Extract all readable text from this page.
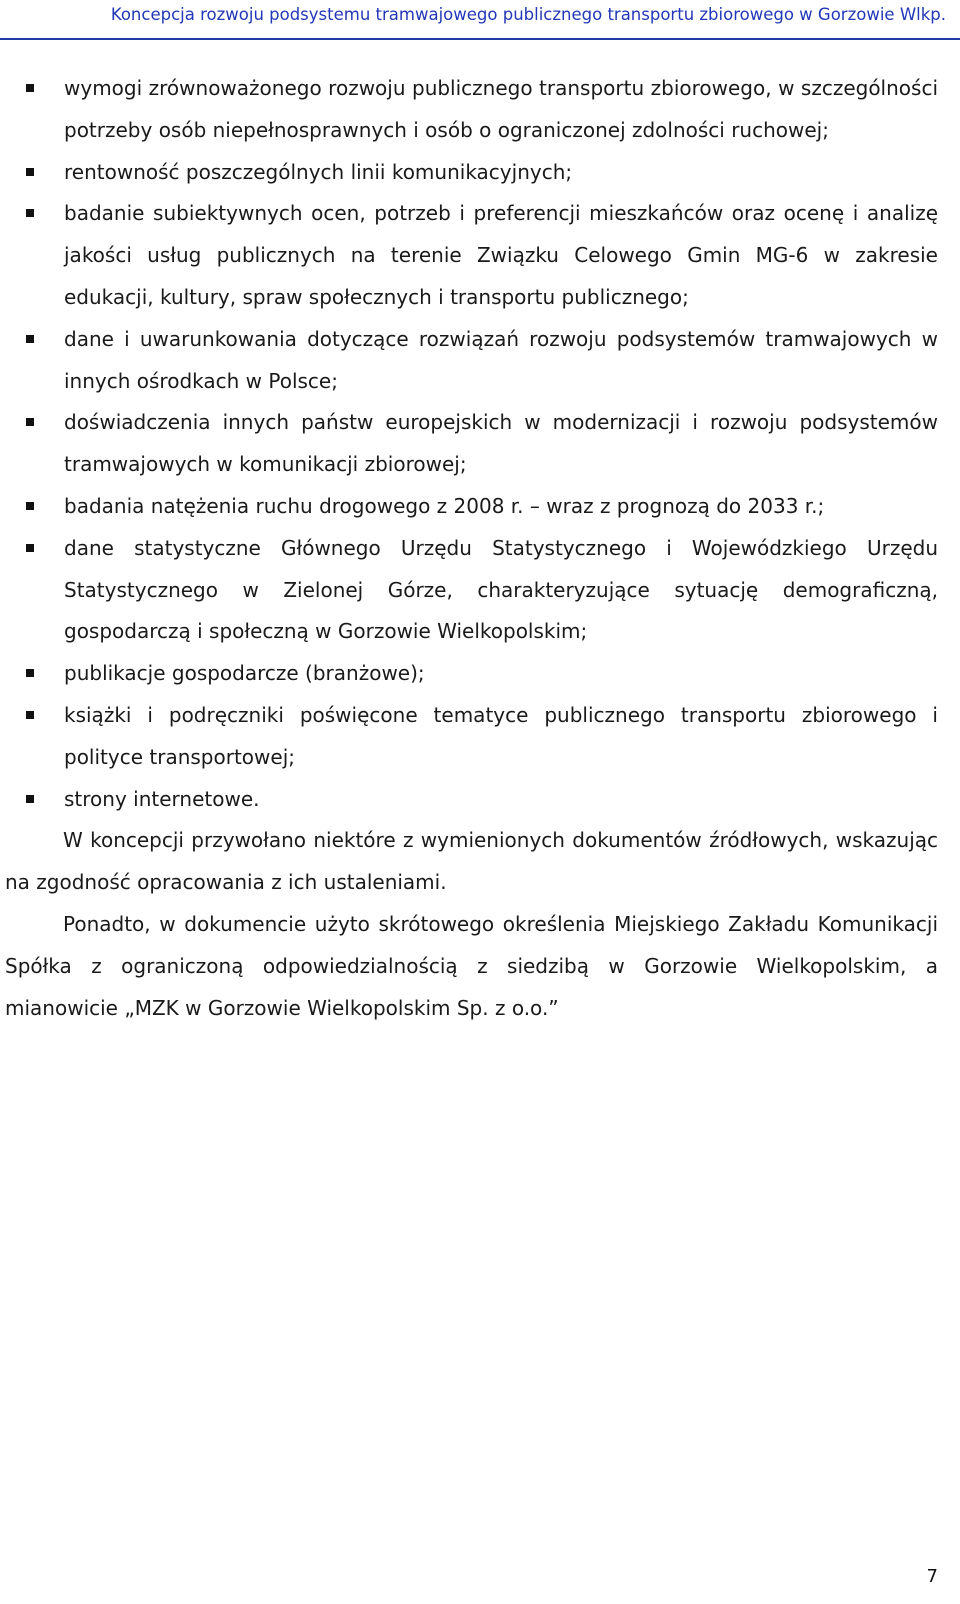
Koncepcja rozwoju podsystemu tramwajowego publicznego transportu zbiorowego w Gorzowie Wlkp.
wymogi zrównoważonego rozwoju publicznego transportu zbiorowego, w szczególności potrzeby osób niepełnosprawnych i osób o ograniczonej zdolności ruchowej;
rentowność poszczególnych linii komunikacyjnych;
badanie subiektywnych ocen, potrzeb i preferencji mieszkańców oraz ocenę i analizę jakości usług publicznych na terenie Związku Celowego Gmin MG-6 w zakresie edukacji, kultury, spraw społecznych i transportu publicznego;
dane i uwarunkowania dotyczące rozwiązań rozwoju podsystemów tramwajowych w innych ośrodkach w Polsce;
doświadczenia innych państw europejskich w modernizacji i rozwoju podsystemów tramwajowych w komunikacji zbiorowej;
badania natężenia ruchu drogowego z 2008 r. – wraz z prognozą do 2033 r.;
dane statystyczne Głównego Urzędu Statystycznego i Wojewódzkiego Urzędu Statystycznego w Zielonej Górze, charakteryzujące sytuację demograficzną, gospodarczą i społeczną w Gorzowie Wielkopolskim;
publikacje gospodarcze (branżowe);
książki i podręczniki poświęcone tematyce publicznego transportu zbiorowego i polityce transportowej;
strony internetowe.

W koncepcji przywołano niektóre z wymienionych dokumentów źródłowych, wskazując na zgodność opracowania z ich ustaleniami.

Ponadto, w dokumencie użyto skrótowego określenia Miejskiego Zakładu Komunikacji Spółka z ograniczoną odpowiedzialnością z siedzibą w Gorzowie Wielkopolskim, a mianowicie „MZK w Gorzowie Wielkopolskim Sp. z o.o.”

7
